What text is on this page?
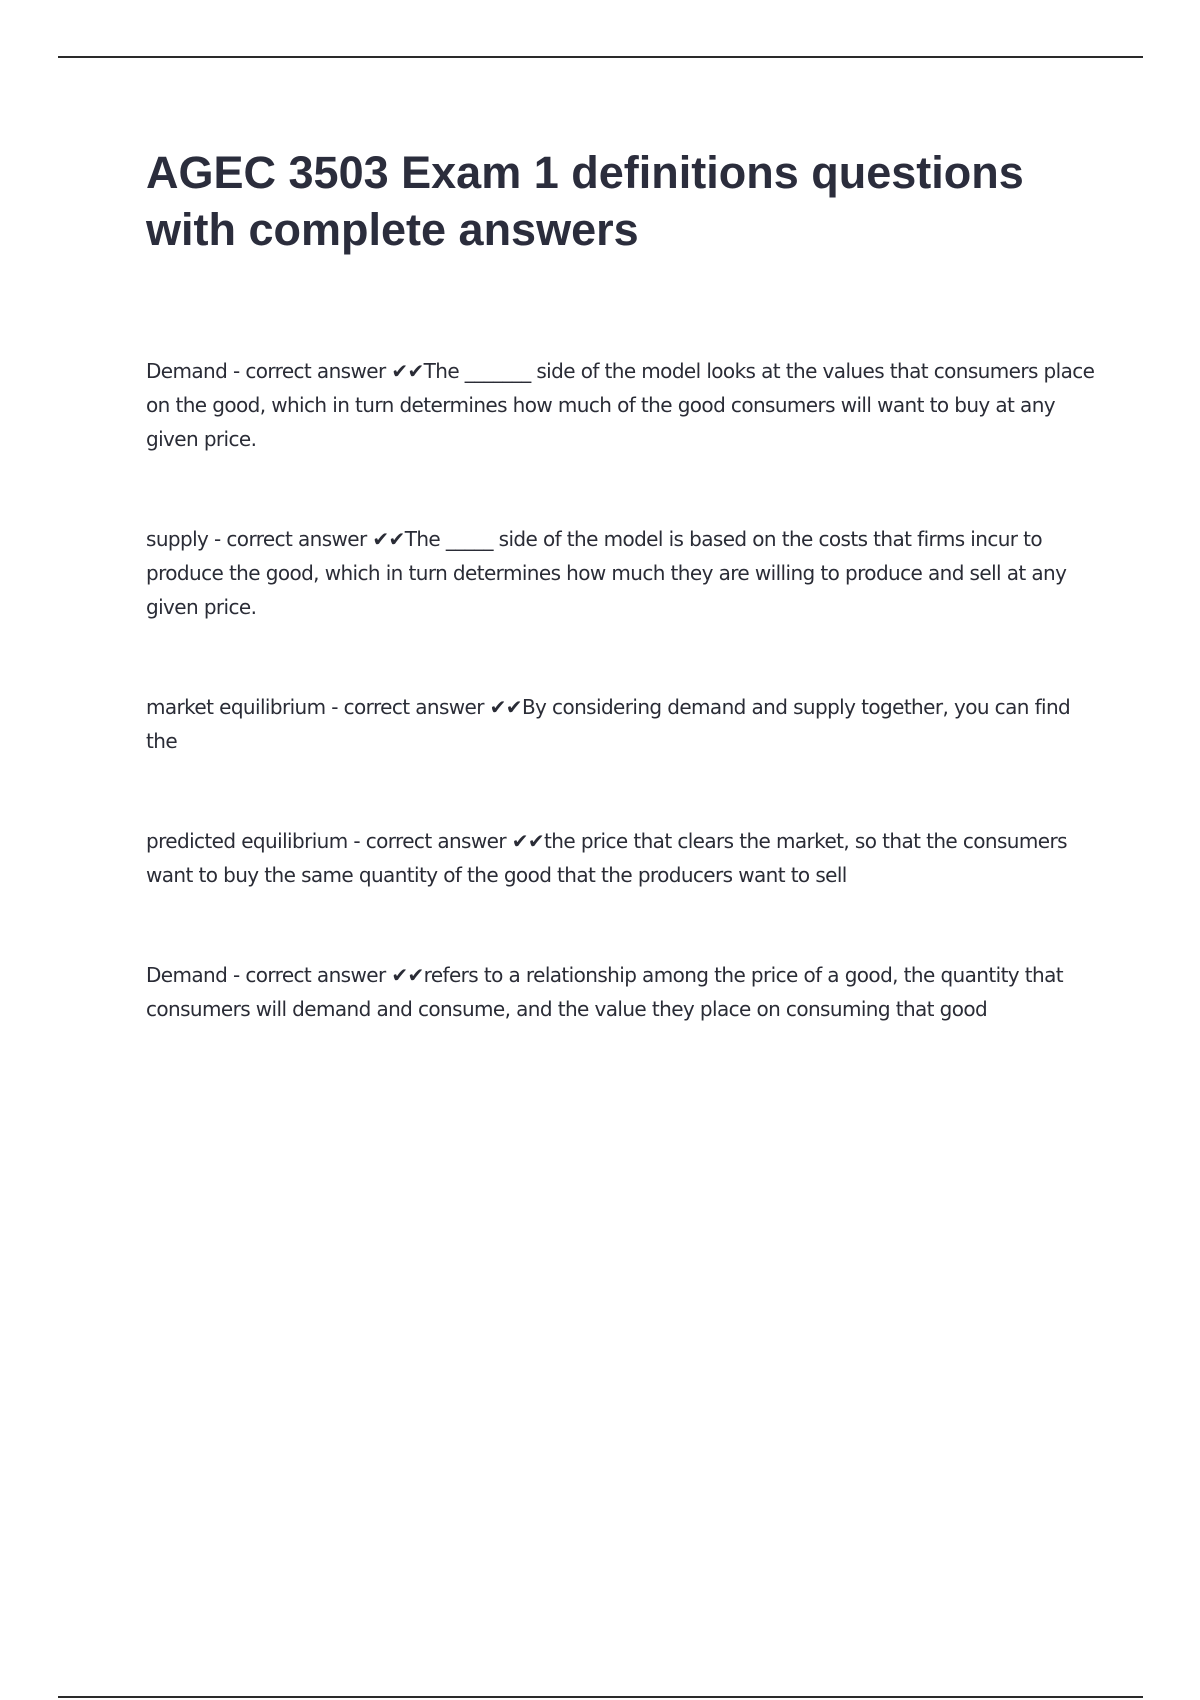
AGEC 3503 Exam 1 definitions questions with complete answers

Demand - correct answer ✔✔The _______ side of the model looks at the values that consumers place on the good, which in turn determines how much of the good consumers will want to buy at any given price.

supply - correct answer ✔✔The _____ side of the model is based on the costs that firms incur to produce the good, which in turn determines how much they are willing to produce and sell at any given price.

market equilibrium - correct answer ✔✔By considering demand and supply together, you can find the

predicted equilibrium - correct answer ✔✔the price that clears the market, so that the consumers want to buy the same quantity of the good that the producers want to sell

Demand - correct answer ✔✔refers to a relationship among the price of a good, the quantity that consumers will demand and consume, and the value they place on consuming that good
